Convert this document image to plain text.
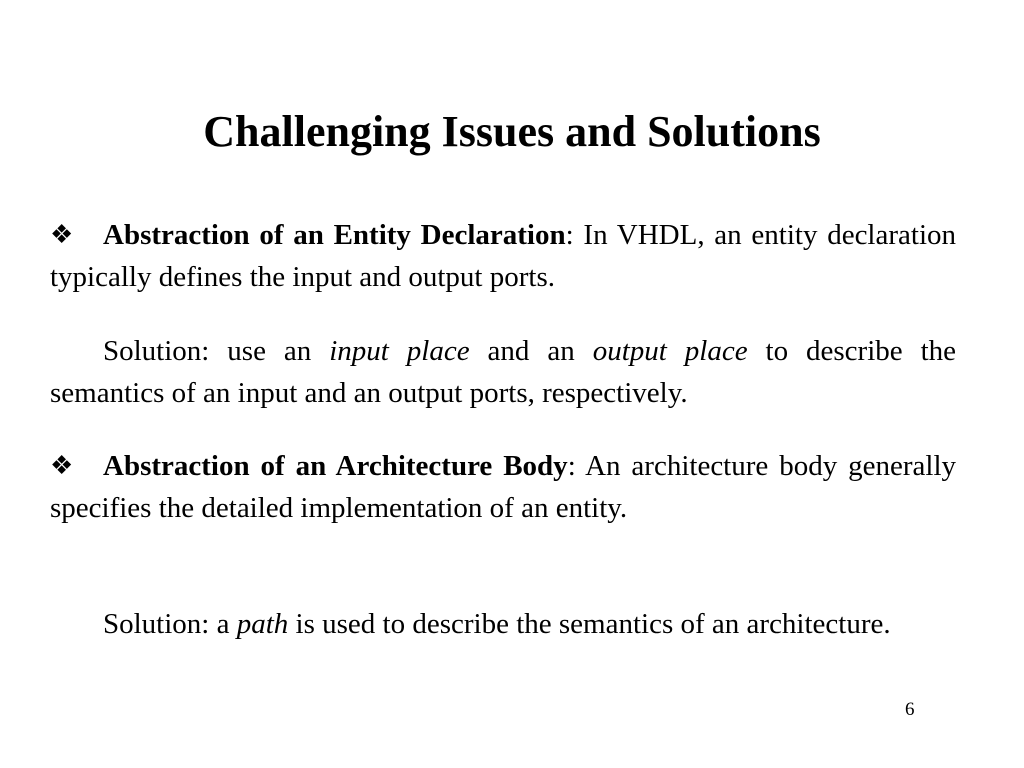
Challenging Issues and Solutions

❖ Abstraction of an Entity Declaration: In VHDL, an entity declaration typically defines the input and output ports.

Solution: use an input place and an output place to describe the semantics of an input and an output ports, respectively.

❖ Abstraction of an Architecture Body: An architecture body generally specifies the detailed implementation of an entity.

Solution: a path is used to describe the semantics of an architecture.

6
